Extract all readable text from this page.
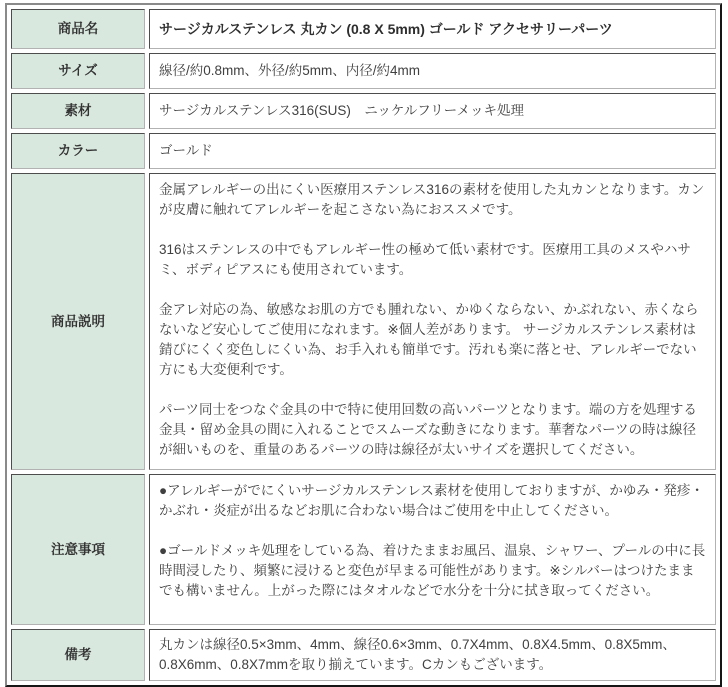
商品名	サージカルステンレス 丸カン (0.8 X 5mm) ゴールド アクセサリーパーツ
サイズ	線径/約0.8mm、外径/約5mm、内径/約4mm
素材	サージカルステンレス316(SUS)　ニッケルフリーメッキ処理
カラー	ゴールド
商品説明	金属アレルギーの出にくい医療用ステンレス316の素材を使用した丸カンとなります。カンが皮膚に触れてアレルギーを起こさない為におススメです。
316はステンレスの中でもアレルギー性の極めて低い素材です。医療用工具のメスやハサミ、ボディピアスにも使用されています。
金アレ対応の為、敏感なお肌の方でも腫れない、かゆくならない、かぶれない、赤くならないなど安心してご使用になれます。※個人差があります。 サージカルステンレス素材は錆びにくく変色しにくい為、お手入れも簡単です。汚れも楽に落とせ、アレルギーでない方にも大変便利です。
パーツ同士をつなぐ金具の中で特に使用回数の高いパーツとなります。端の方を処理する金具・留め金具の間に入れることでスムーズな動きになります。華奢なパーツの時は線径が細いものを、重量のあるパーツの時は線径が太いサイズを選択してください。

注意事項	●アレルギーがでにくいサージカルステンレス素材を使用しておりますが、かゆみ・発疹・かぶれ・炎症が出るなどお肌に合わない場合はご使用を中止してください。
●ゴールドメッキ処理をしている為、着けたままお風呂、温泉、シャワー、プールの中に長時間浸したり、頻繁に浸けると変色が早まる可能性があります。※シルバーはつけたままでも構いません。上がった際にはタオルなどで水分を十分に拭き取ってください。

備考	丸カンは線径0.5×3mm、4mm、線径0.6×3mm、0.7X4mm、0.8X4.5mm、0.8X5mm、0.8X6mm、0.8X7mmを取り揃えています。Cカンもございます。
